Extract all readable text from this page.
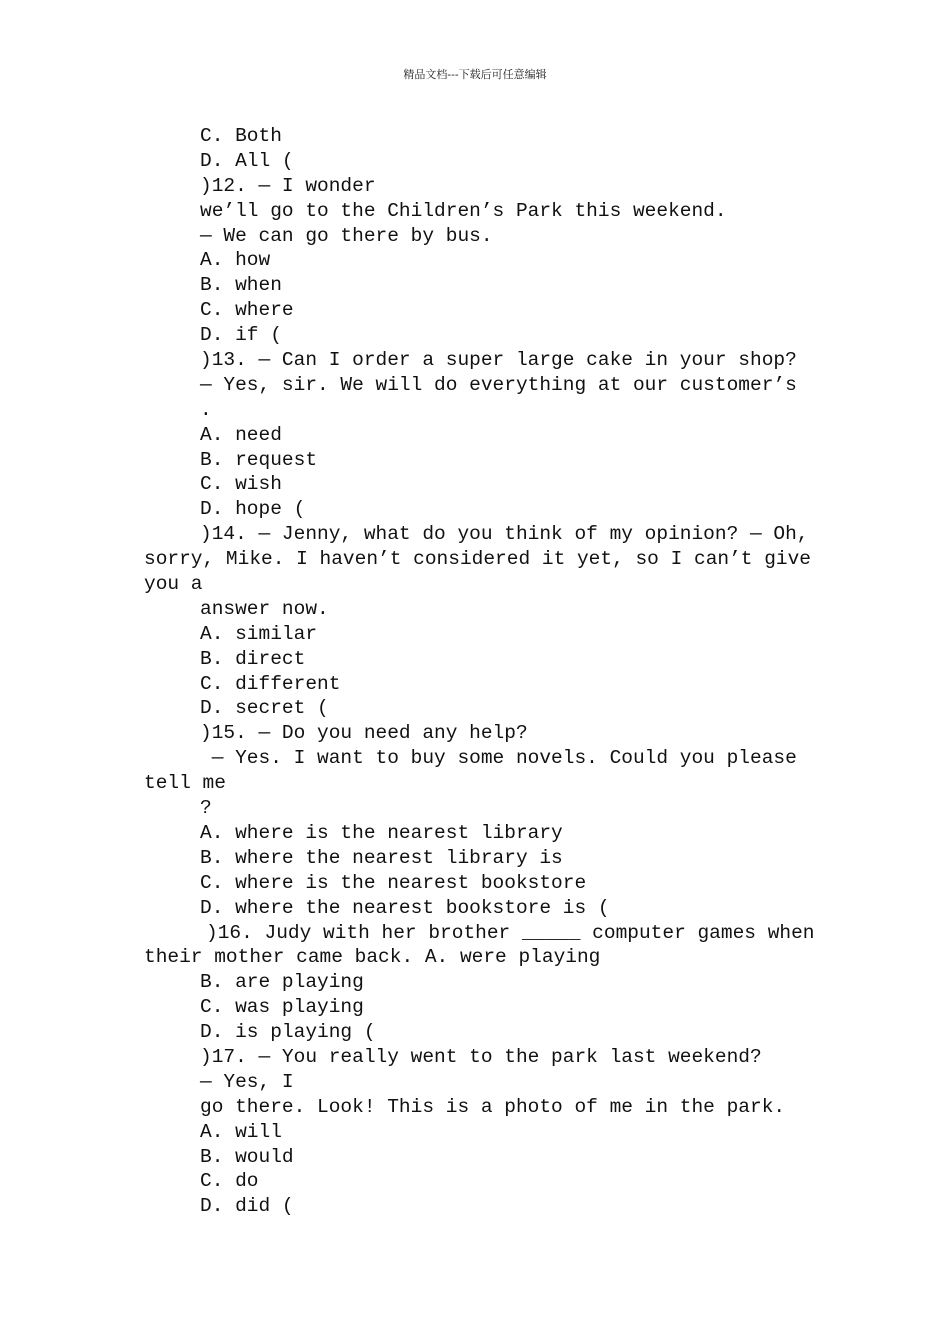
精品文档---下载后可任意编辑
C. Both
D. All (
)12. — I wonder
we’ll go to the Children’s Park this weekend.
— We can go there by bus.
A. how
B. when
C. where
D. if (
)13. — Can I order a super large cake in your shop?
— Yes, sir. We will do everything at our customer’s
.
A. need
B. request
C. wish
D. hope (
)14. — Jenny, what do you think of my opinion? — Oh,
sorry, Mike. I haven’t considered it yet, so I can’t give
you a
answer now.
A. similar
B. direct
C. different
D. secret (
)15. — Do you need any help?
— Yes. I want to buy some novels. Could you please
tell me
?
A. where is the nearest library
B. where the nearest library is
C. where is the nearest bookstore
D. where the nearest bookstore is (
)16. Judy with her brother _____ computer games when
their mother came back. A. were playing
B. are playing
C. was playing
D. is playing (
)17. — You really went to the park last weekend?
— Yes, I
go there. Look! This is a photo of me in the park.
A. will
B. would
C. do
D. did (
